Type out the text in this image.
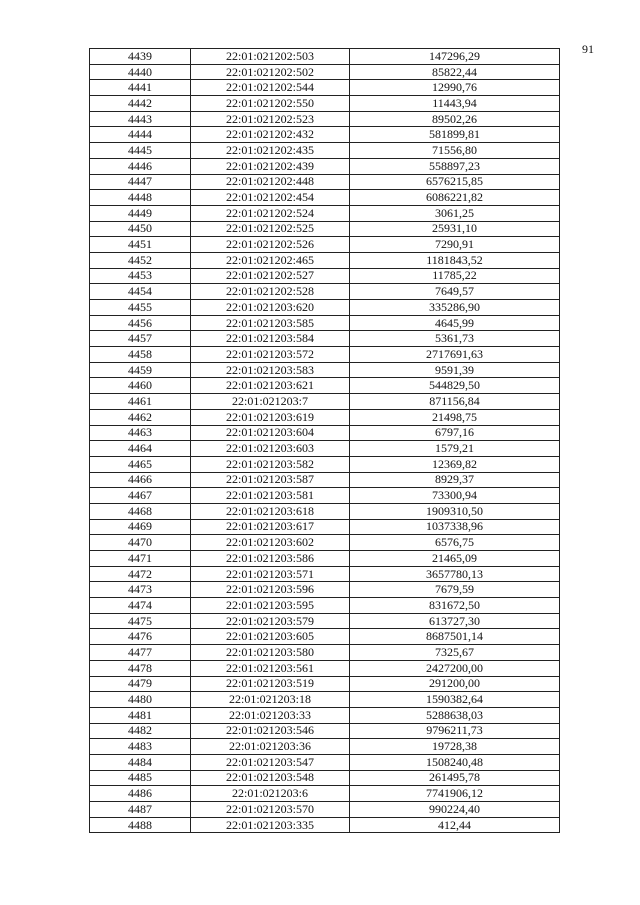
91
4439	22:01:021202:503	147296,29
4440	22:01:021202:502	85822,44
4441	22:01:021202:544	12990,76
4442	22:01:021202:550	11443,94
4443	22:01:021202:523	89502,26
4444	22:01:021202:432	581899,81
4445	22:01:021202:435	71556,80
4446	22:01:021202:439	558897,23
4447	22:01:021202:448	6576215,85
4448	22:01:021202:454	6086221,82
4449	22:01:021202:524	3061,25
4450	22:01:021202:525	25931,10
4451	22:01:021202:526	7290,91
4452	22:01:021202:465	1181843,52
4453	22:01:021202:527	11785,22
4454	22:01:021202:528	7649,57
4455	22:01:021203:620	335286,90
4456	22:01:021203:585	4645,99
4457	22:01:021203:584	5361,73
4458	22:01:021203:572	2717691,63
4459	22:01:021203:583	9591,39
4460	22:01:021203:621	544829,50
4461	22:01:021203:7	871156,84
4462	22:01:021203:619	21498,75
4463	22:01:021203:604	6797,16
4464	22:01:021203:603	1579,21
4465	22:01:021203:582	12369,82
4466	22:01:021203:587	8929,37
4467	22:01:021203:581	73300,94
4468	22:01:021203:618	1909310,50
4469	22:01:021203:617	1037338,96
4470	22:01:021203:602	6576,75
4471	22:01:021203:586	21465,09
4472	22:01:021203:571	3657780,13
4473	22:01:021203:596	7679,59
4474	22:01:021203:595	831672,50
4475	22:01:021203:579	613727,30
4476	22:01:021203:605	8687501,14
4477	22:01:021203:580	7325,67
4478	22:01:021203:561	2427200,00
4479	22:01:021203:519	291200,00
4480	22:01:021203:18	1590382,64
4481	22:01:021203:33	5288638,03
4482	22:01:021203:546	9796211,73
4483	22:01:021203:36	19728,38
4484	22:01:021203:547	1508240,48
4485	22:01:021203:548	261495,78
4486	22:01:021203:6	7741906,12
4487	22:01:021203:570	990224,40
4488	22:01:021203:335	412,44
